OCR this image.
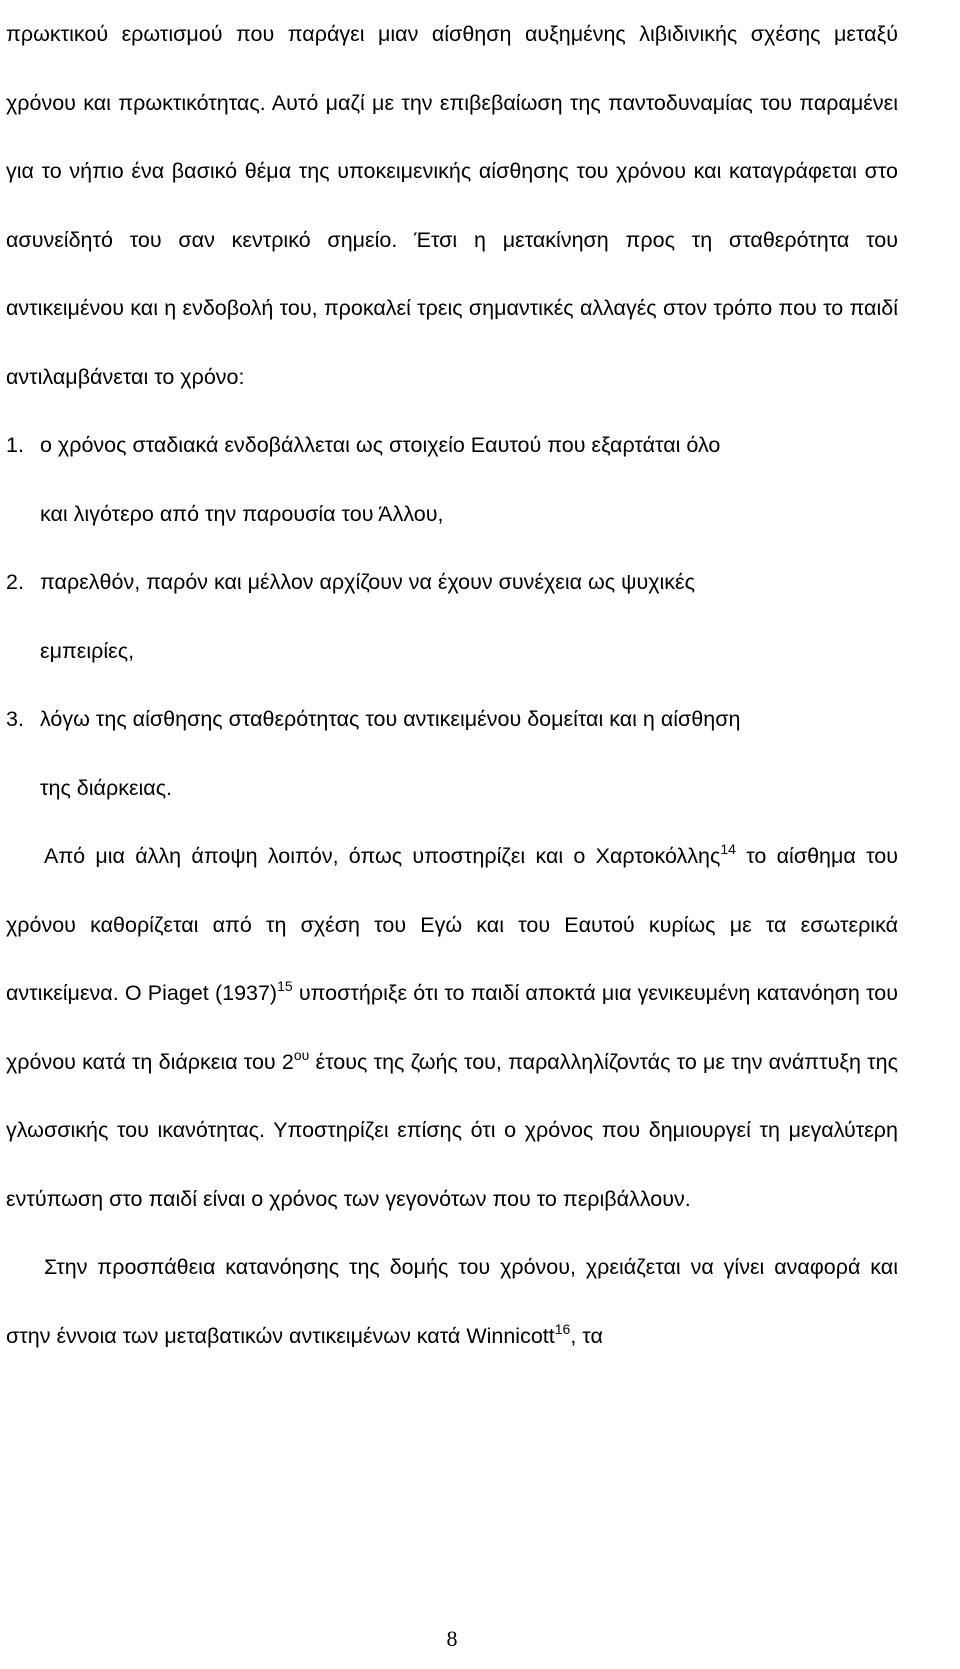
πρωκτικού ερωτισμού που παράγει μιαν αίσθηση αυξημένης λιβιδινικής σχέσης μεταξύ χρόνου και πρωκτικότητας. Αυτό μαζί με την επιβεβαίωση της παντοδυναμίας του παραμένει για το νήπιο ένα βασικό θέμα της υποκειμενικής αίσθησης του χρόνου και καταγράφεται στο ασυνείδητό του σαν κεντρικό σημείο. Έτσι η μετακίνηση προς τη σταθερότητα του αντικειμένου και η ενδοβολή του, προκαλεί τρεις σημαντικές αλλαγές στον τρόπο που το παιδί αντιλαμβάνεται το χρόνο:

1. ο χρόνος σταδιακά ενδοβάλλεται ως στοιχείο Εαυτού που εξαρτάται όλο
και λιγότερο από την παρουσία του Άλλου,
2. παρελθόν, παρόν και μέλλον αρχίζουν να έχουν συνέχεια ως ψυχικές
εμπειρίες,
3. λόγω της αίσθησης σταθερότητας του αντικειμένου δομείται και η αίσθηση
της διάρκειας.

Από μια άλλη άποψη λοιπόν, όπως υποστηρίζει και ο Χαρτοκόλλης$^{14}$ το αίσθημα του χρόνου καθορίζεται από τη σχέση του Εγώ και του Εαυτού κυρίως με τα εσωτερικά αντικείμενα. Ο Piaget $(1937)^{15}$ υποστήριξε ότι το παιδί αποκτά μια γενικευμένη κατανόηση του χρόνου κατά τη διάρκεια του $2^{o\upsilon}$ έτους της ζωής του, παραλληλίζοντάς το με την ανάπτυξη της γλωσσικής του ικανότητας. Υποστηρίζει επίσης ότι ο χρόνος που δημιουργεί τη μεγαλύτερη εντύπωση στο παιδί είναι ο χρόνος των γεγονότων που το περιβάλλουν.

Στην προσπάθεια κατανόησης της δομής του χρόνου, χρειάζεται να γίνει αναφορά και στην έννοια των μεταβατικών αντικειμένων κατά Winnicott$^{16}$, τα

8
